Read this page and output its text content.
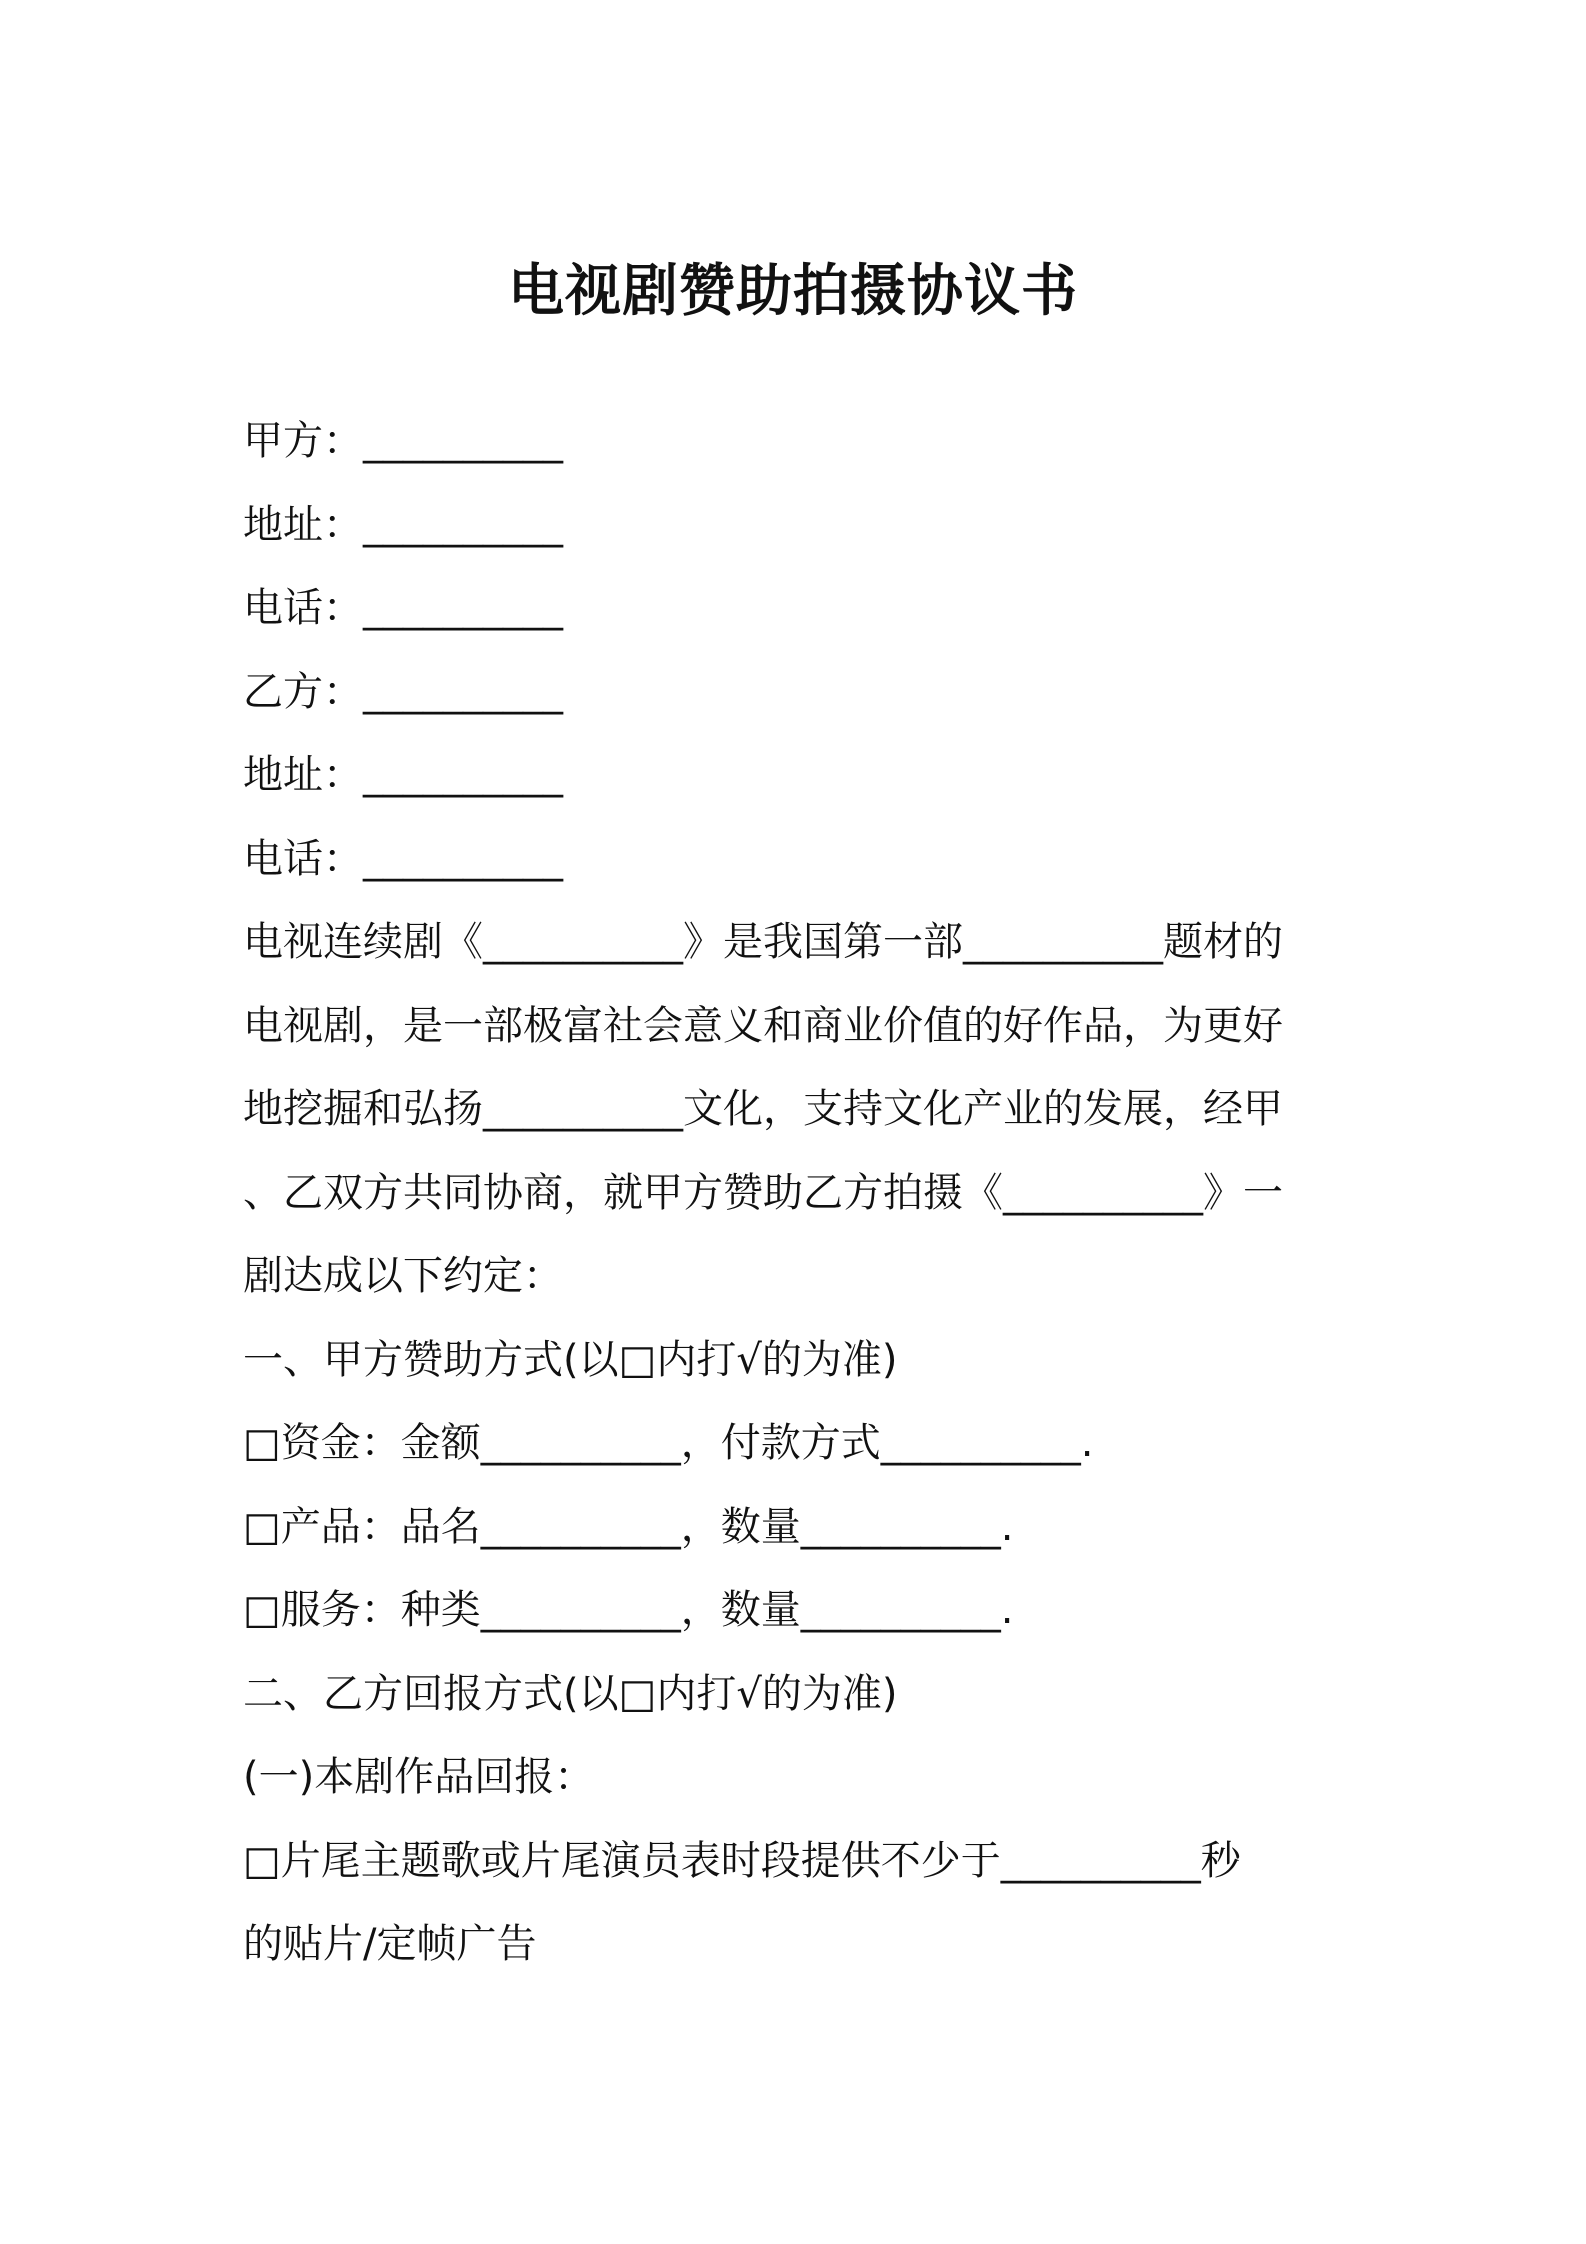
电视剧赞助拍摄协议书
甲方：__________
地址：__________
电话：__________
乙方：__________
地址：__________
电话：__________
电视连续剧《__________》是我国第一部__________题材的
电视剧，是一部极富社会意义和商业价值的好作品，为更好
地挖掘和弘扬__________文化，支持文化产业的发展，经甲
、乙双方共同协商，就甲方赞助乙方拍摄《__________》一
剧达成以下约定：
一、甲方赞助方式(以□内打√的为准)
□资金：金额__________，付款方式__________.
□产品：品名__________，数量__________.
□服务：种类__________，数量__________.
二、乙方回报方式(以□内打√的为准)
(一)本剧作品回报：
□片尾主题歌或片尾演员表时段提供不少于__________秒
的贴片/定帧广告
